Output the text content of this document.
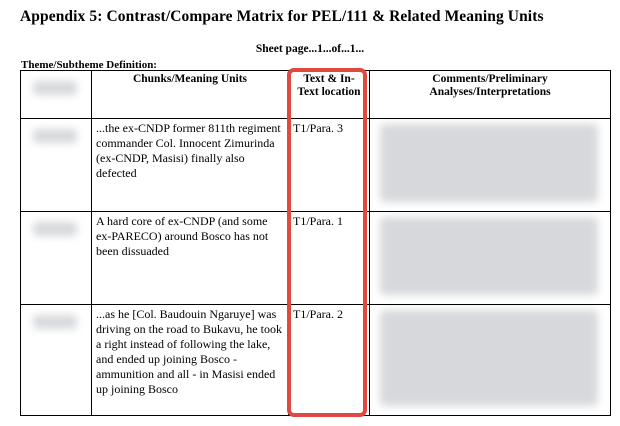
Appendix 5: Contrast/Compare Matrix for PEL/111 & Related Meaning Units
Sheet page...1...of...1...
Theme/Subtheme Definition:
	Chunks/Meaning Units	Text & In-Text location	Comments/Preliminary Analyses/Interpretations

	...the ex-CNDP former 811th regiment commander Col. Innocent Zimurinda (ex-CNDP, Masisi) finally also defected	T1/Para. 3	

	A hard core of ex-CNDP (and some ex-PARECO) around Bosco has not been dissuaded	T1/Para. 1	

	...as he [Col. Baudouin Ngaruye] was driving on the road to Bukavu, he took a right instead of following the lake, and ended up joining Bosco - ammunition and all - in Masisi ended up joining Bosco	T1/Para. 2	
